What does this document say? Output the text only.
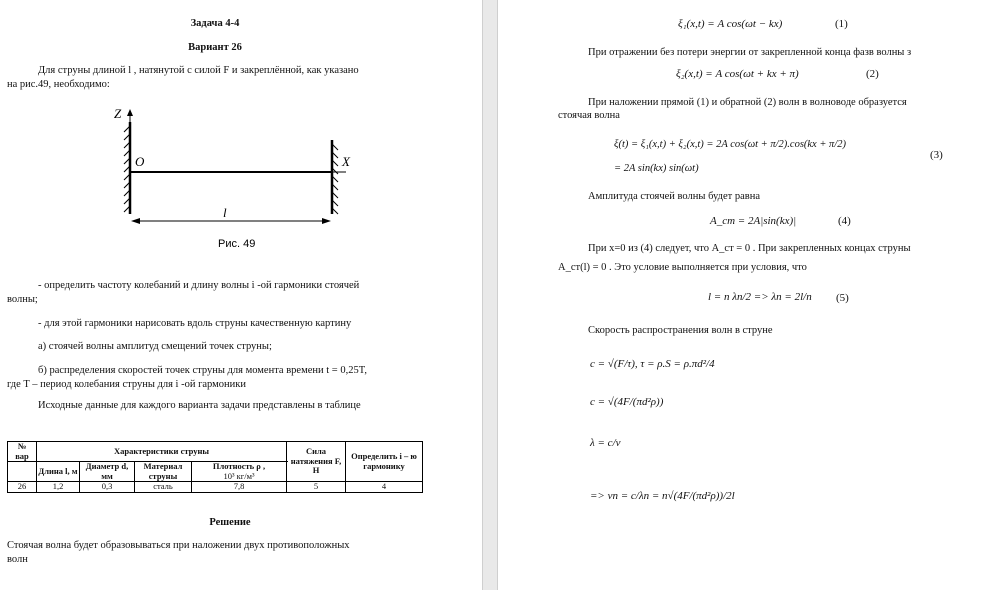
Задача 4-4
Вариант 26
Для струны длиной l , натянутой с силой F и закреплённой, как указано
на рис.49, необходимо:
Z
O	X
l
Рис. 49
- определить частоту колебаний и длину волны i -ой гармоники стоячей
волны;
- для этой гармоники нарисовать вдоль струны качественную картину
а) стоячей волны амплитуд смещений точек струны;
б) распределения скоростей точек струны для момента времени t = 0,25T,
где T – период колебания струны для i -ой гармоники
Исходные данные для каждого варианта задачи представлены в таблице
№
вар	Характеристики струны				Сила натяжения F, Н	Определить i – ю гармонику
	Длина l, м	Диаметр d, мм	Материал струны	Плотность ρ ,
10³ кг/м³		
26	1,2	0,3	сталь	7,8	5	4
Решение
Стоячая волна будет образовываться при наложении двух противоположных
волн
ξ₁(x,t) = A cos(ωt − kx)	(1)
При отражении без потери энергии от закрепленной конца фазв волны з
ξ₂(x,t) = A cos(ωt + kx + π)	(2)
При наложении прямой (1) и обратной (2) волн в волноводе образуется
стоячая волна
ξ(t) = ξ₁(x,t) + ξ₂(x,t) = 2A cos(ωt + π/2).cos(kx + π/2)
= 2A sin(kx) sin(ωt)
(3)
Амплитуда стоячей волны будет равна
A_ст = 2A|sin(kx)|	(4)
При x=0 из (4) следует, что A_ст = 0 . При закрепленных концах струны
A_ст(l) = 0 . Это условие выполняется при условия, что
l = n λn/2 => λn = 2l/n (5)
Скорость распространения волн в струне
c = √(F/τ), τ = ρ.S = ρ.πd²/4
c = √(4F/(πd²ρ))
λ = c/ν
=> νn = c/λn = n√(4F/(πd²ρ))/2l
